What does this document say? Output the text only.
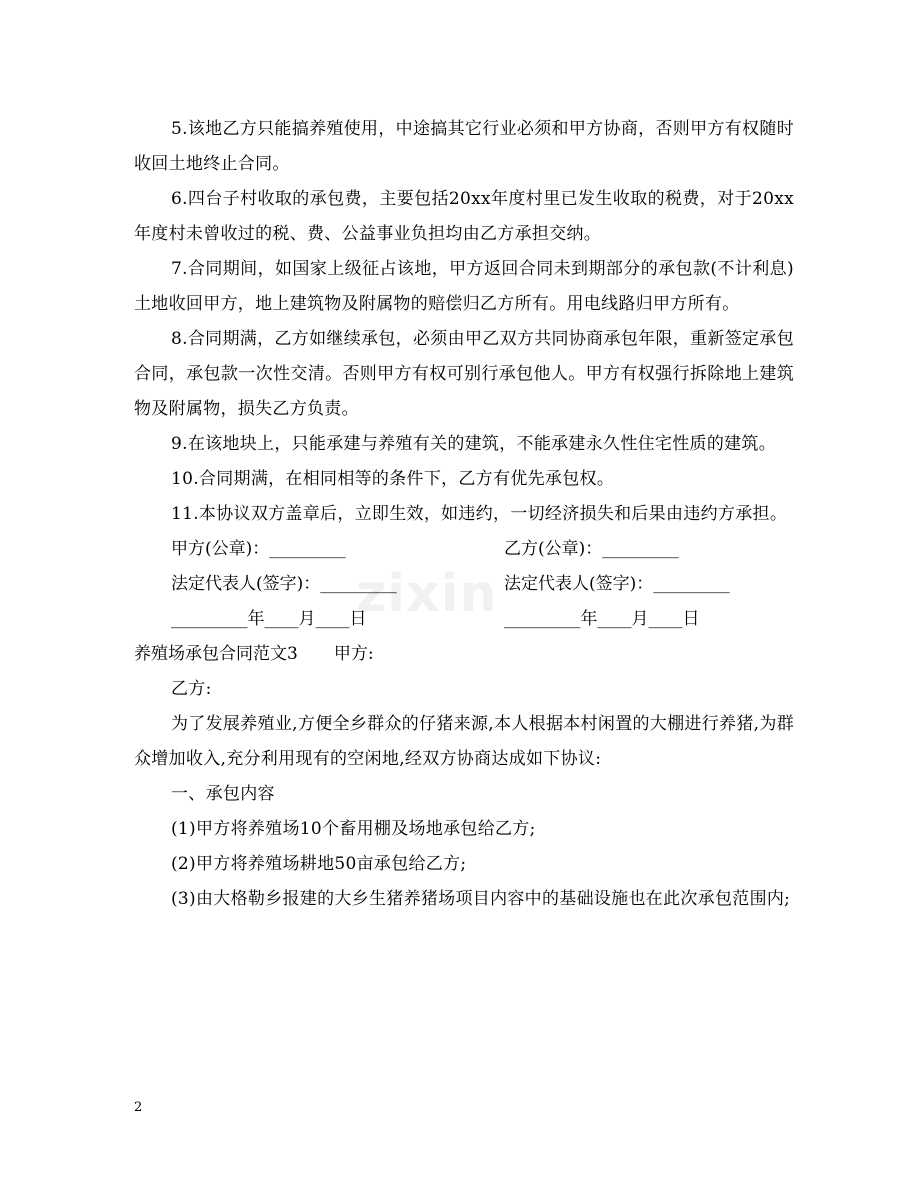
zixin

5.该地乙方只能搞养殖使用，中途搞其它行业必须和甲方协商，否则甲方有权随时收回土地终止合同。

6.四台子村收取的承包费，主要包括20xx年度村里已发生收取的税费，对于20xx年度村未曾收过的税、费、公益事业负担均由乙方承担交纳。

7.合同期间，如国家上级征占该地，甲方返回合同未到期部分的承包款(不计利息)土地收回甲方，地上建筑物及附属物的赔偿归乙方所有。用电线路归甲方所有。

8.合同期满，乙方如继续承包，必须由甲乙双方共同协商承包年限，重新签定承包合同，承包款一次性交清。否则甲方有权可别行承包他人。甲方有权强行拆除地上建筑物及附属物，损失乙方负责。

9.在该地块上，只能承建与养殖有关的建筑，不能承建永久性住宅性质的建筑。

10.合同期满，在相同相等的条件下，乙方有优先承包权。

11.本协议双方盖章后，立即生效，如违约，一切经济损失和后果由违约方承担。

甲方(公章)：_________	乙方(公章)：_________
法定代表人(签字)：_________	法定代表人(签字)：_________
_________年____月____日	_________年____月____日
养殖场承包合同范文3 甲方:

乙方:

为了发展养殖业,方便全乡群众的仔猪来源,本人根据本村闲置的大棚进行养猪,为群众增加收入,充分利用现有的空闲地,经双方协商达成如下协议:

一、承包内容

(1)甲方将养殖场10个畜用棚及场地承包给乙方;

(2)甲方将养殖场耕地50亩承包给乙方;

(3)由大格勒乡报建的大乡生猪养猪场项目内容中的基础设施也在此次承包范围内;

2
